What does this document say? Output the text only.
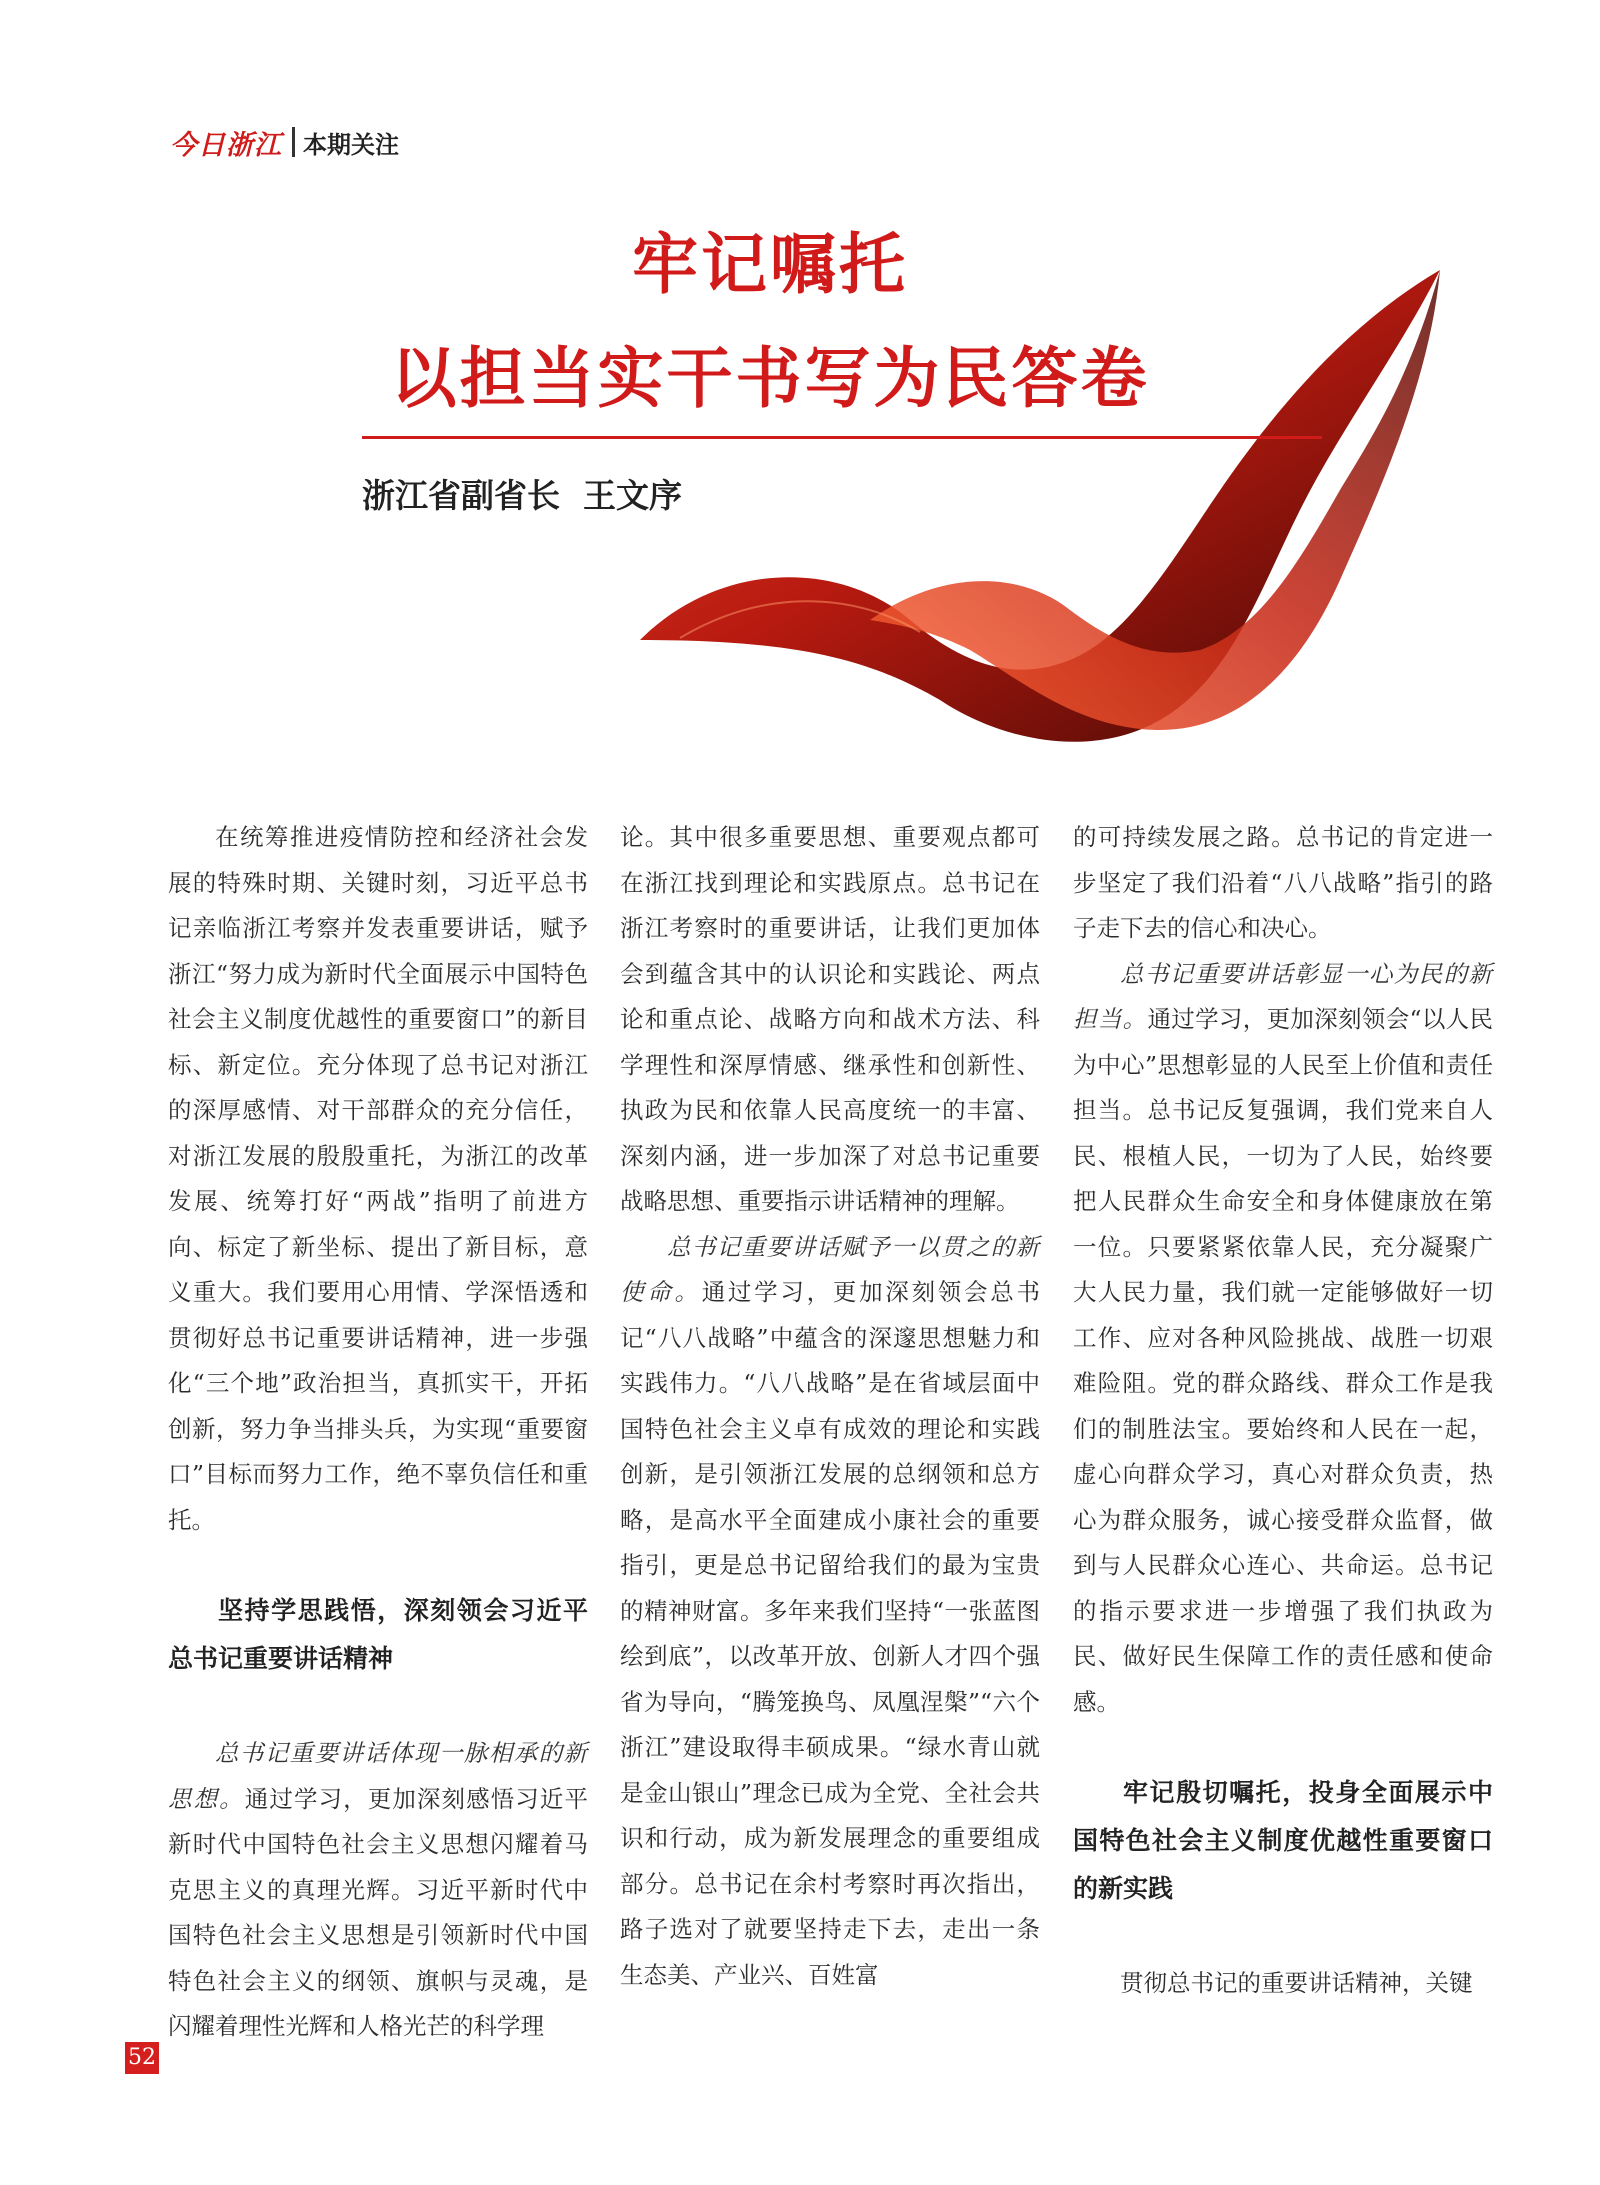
今日浙江 本期关注
牢记嘱托
以担当实干书写为民答卷
浙江省副省长  王文序

在统筹推进疫情防控和经济社会发展的特殊时期、关键时刻，习近平总书记亲临浙江考察并发表重要讲话，赋予浙江“努力成为新时代全面展示中国特色社会主义制度优越性的重要窗口”的新目标、新定位。充分体现了总书记对浙江的深厚感情、对干部群众的充分信任，对浙江发展的殷殷重托，为浙江的改革发展、统筹打好“两战”指明了前进方向、标定了新坐标、提出了新目标，意义重大。我们要用心用情、学深悟透和贯彻好总书记重要讲话精神，进一步强化“三个地”政治担当，真抓实干，开拓创新，努力争当排头兵，为实现“重要窗口”目标而努力工作，绝不辜负信任和重托。

坚持学思践悟，深刻领会习近平总书记重要讲话精神

总书记重要讲话体现一脉相承的新思想。通过学习，更加深刻感悟习近平新时代中国特色社会主义思想闪耀着马克思主义的真理光辉。习近平新时代中国特色社会主义思想是引领新时代中国特色社会主义的纲领、旗帜与灵魂，是闪耀着理性光辉和人格光芒的科学理

论。其中很多重要思想、重要观点都可在浙江找到理论和实践原点。总书记在浙江考察时的重要讲话，让我们更加体会到蕴含其中的认识论和实践论、两点论和重点论、战略方向和战术方法、科学理性和深厚情感、继承性和创新性、执政为民和依靠人民高度统一的丰富、深刻内涵，进一步加深了对总书记重要战略思想、重要指示讲话精神的理解。

总书记重要讲话赋予一以贯之的新使命。通过学习，更加深刻领会总书记“八八战略”中蕴含的深邃思想魅力和实践伟力。“八八战略”是在省域层面中国特色社会主义卓有成效的理论和实践创新，是引领浙江发展的总纲领和总方略，是高水平全面建成小康社会的重要指引，更是总书记留给我们的最为宝贵的精神财富。多年来我们坚持“一张蓝图绘到底”，以改革开放、创新人才四个强省为导向，“腾笼换鸟、凤凰涅槃”“六个浙江”建设取得丰硕成果。“绿水青山就是金山银山”理念已成为全党、全社会共识和行动，成为新发展理念的重要组成部分。总书记在余村考察时再次指出，路子选对了就要坚持走下去，走出一条生态美、产业兴、百姓富

的可持续发展之路。总书记的肯定进一步坚定了我们沿着“八八战略”指引的路子走下去的信心和决心。

总书记重要讲话彰显一心为民的新担当。通过学习，更加深刻领会“以人民为中心”思想彰显的人民至上价值和责任担当。总书记反复强调，我们党来自人民、根植人民，一切为了人民，始终要把人民群众生命安全和身体健康放在第一位。只要紧紧依靠人民，充分凝聚广大人民力量，我们就一定能够做好一切工作、应对各种风险挑战、战胜一切艰难险阻。党的群众路线、群众工作是我们的制胜法宝。要始终和人民在一起，虚心向群众学习，真心对群众负责，热心为群众服务，诚心接受群众监督，做到与人民群众心连心、共命运。总书记的指示要求进一步增强了我们执政为民、做好民生保障工作的责任感和使命感。

牢记殷切嘱托，投身全面展示中国特色社会主义制度优越性重要窗口的新实践

贯彻总书记的重要讲话精神，关键

52
